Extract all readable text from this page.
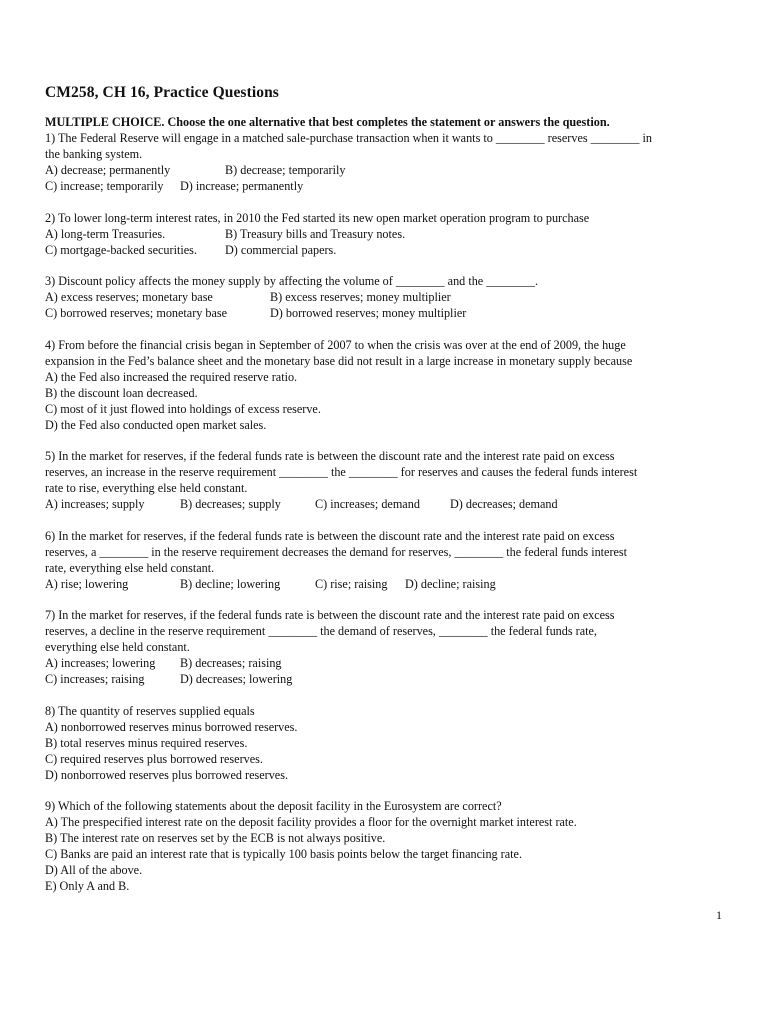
CM258, CH 16, Practice Questions
MULTIPLE CHOICE. Choose the one alternative that best completes the statement or answers the question.

1) The Federal Reserve will engage in a matched sale-purchase transaction when it wants to ________ reserves ________ in

the banking system.

A) decrease; permanently	B) decrease; temporarily
C) increase; temporarily D) increase; permanently

2) To lower long-term interest rates, in 2010 the Fed started its new open market operation program to purchase

A) long-term Treasuries.	B) Treasury bills and Treasury notes.
C) mortgage-backed securities. D) commercial papers.

3) Discount policy affects the money supply by affecting the volume of ________ and the ________.

A) excess reserves; monetary base	B) excess reserves; money multiplier
C) borrowed reserves; monetary base	D) borrowed reserves; money multiplier

4) From before the financial crisis began in September of 2007 to when the crisis was over at the end of 2009, the huge

expansion in the Fed’s balance sheet and the monetary base did not result in a large increase in monetary supply because

A) the Fed also increased the required reserve ratio.

B) the discount loan decreased.

C) most of it just flowed into holdings of excess reserve.

D) the Fed also conducted open market sales.

5) In the market for reserves, if the federal funds rate is between the discount rate and the interest rate paid on excess

reserves, an increase in the reserve requirement ________ the ________ for reserves and causes the federal funds interest

rate to rise, everything else held constant.

A) increases; supply	B) decreases; supply	C) increases; demand D) decreases; demand

6) In the market for reserves, if the federal funds rate is between the discount rate and the interest rate paid on excess

reserves, a ________ in the reserve requirement decreases the demand for reserves, ________ the federal funds interest

rate, everything else held constant.

A) rise; lowering	B) decline; lowering	C) rise; raising D) decline; raising

7) In the market for reserves, if the federal funds rate is between the discount rate and the interest rate paid on excess

reserves, a decline in the reserve requirement ________ the demand of reserves, ________ the federal funds rate,

everything else held constant.

A) increases; lowering B) decreases; raising
C) increases; raising	D) decreases; lowering

8) The quantity of reserves supplied equals

A) nonborrowed reserves minus borrowed reserves.

B) total reserves minus required reserves.

C) required reserves plus borrowed reserves.

D) nonborrowed reserves plus borrowed reserves.

9) Which of the following statements about the deposit facility in the Eurosystem are correct?

A) The prespecified interest rate on the deposit facility provides a floor for the overnight market interest rate.

B) The interest rate on reserves set by the ECB is not always positive.

C) Banks are paid an interest rate that is typically 100 basis points below the target financing rate.

D) All of the above.

E) Only A and B.

1
